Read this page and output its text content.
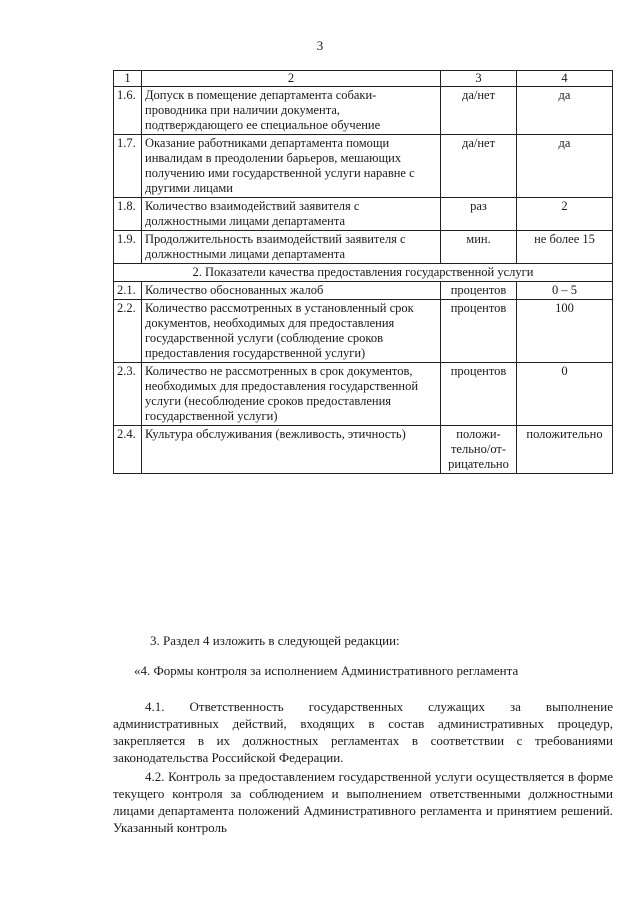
3
1	2	3	4
1.6.	Допуск в помещение департамента собаки-проводника при наличии документа, подтверждающего ее специальное обучение	да/нет	да
1.7.	Оказание работниками департамента помощи инвалидам в преодолении барьеров, мешающих получению ими государственной услуги наравне с другими лицами	да/нет	да
1.8.	Количество взаимодействий заявителя с должностными лицами департамента	раз	2
1.9.	Продолжительность взаимодействий заявителя с должностными лицами департамента	мин.	не более 15
2. Показатели качества предоставления государственной услуги			
2.1.	Количество обоснованных жалоб	процентов	0 – 5
2.2.	Количество рассмотренных в установленный срок документов, необходимых для предоставления государственной услуги (соблюдение сроков предоставления государственной услуги)	процентов	100
2.3.	Количество не рассмотренных в срок документов, необходимых для предоставления государственной услуги (несоблюдение сроков предоставления государственной услуги)	процентов	0
2.4.	Культура обслуживания (вежливость, этичность)	положи-тельно/от-рицательно	положительно

3. Раздел 4 изложить в следующей редакции:

«4. Формы контроля за исполнением Административного регламента

4.1. Ответственность государственных служащих за выполнение административных действий, входящих в состав административных процедур, закрепляется в их должностных регламентах в соответствии с требованиями законодательства Российской Федерации.

4.2. Контроль за предоставлением государственной услуги осуществляется в форме текущего контроля за соблюдением и выполнением ответственными должностными лицами департамента положений Административного регламента и принятием решений. Указанный контроль
